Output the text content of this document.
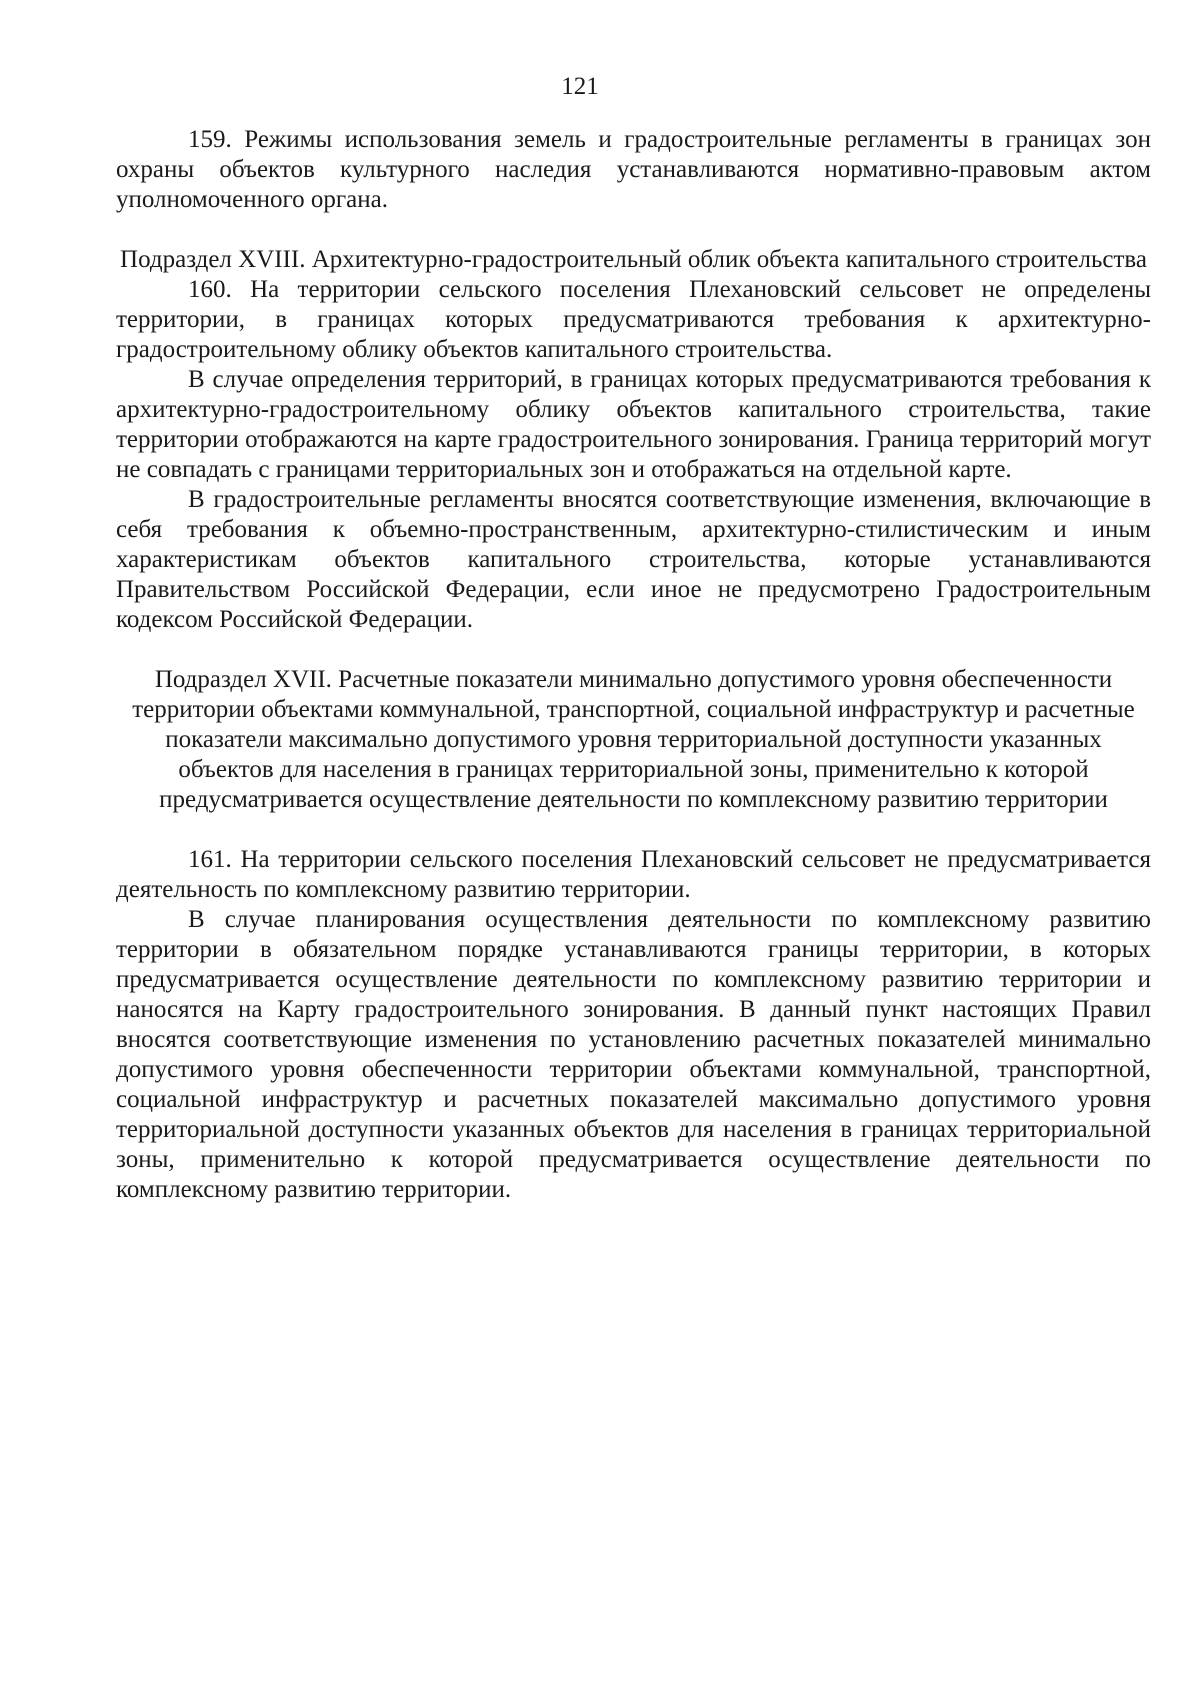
121

159. Режимы использования земель и градостроительные регламенты в границах зон охраны объектов культурного наследия устанавливаются нормативно-правовым актом уполномоченного органа.

Подраздел XVIII. Архитектурно-градостроительный облик объекта капитального строительства

160. На территории сельского поселения Плехановский сельсовет не определены территории, в границах которых предусматриваются требования к архитектурно-градостроительному облику объектов капитального строительства.

В случае определения территорий, в границах которых предусматриваются требования к архитектурно-градостроительному облику объектов капитального строительства, такие территории отображаются на карте градостроительного зонирования. Граница территорий могут не совпадать с границами территориальных зон и отображаться на отдельной карте.

В градостроительные регламенты вносятся соответствующие изменения, включающие в себя требования к объемно-пространственным, архитектурно-стилистическим и иным характеристикам объектов капитального строительства, которые устанавливаются Правительством Российской Федерации, если иное не предусмотрено Градостроительным кодексом Российской Федерации.

Подраздел XVII. Расчетные показатели минимально допустимого уровня обеспеченности территории объектами коммунальной, транспортной, социальной инфраструктур и расчетные показатели максимально допустимого уровня территориальной доступности указанных объектов для населения в границах территориальной зоны, применительно к которой предусматривается осуществление деятельности по комплексному развитию территории

161. На территории сельского поселения Плехановский сельсовет не предусматривается деятельность по комплексному развитию территории.

В случае планирования осуществления деятельности по комплексному развитию территории в обязательном порядке устанавливаются границы территории, в которых предусматривается осуществление деятельности по комплексному развитию территории и наносятся на Карту градостроительного зонирования. В данный пункт настоящих Правил вносятся соответствующие изменения по установлению расчетных показателей минимально допустимого уровня обеспеченности территории объектами коммунальной, транспортной, социальной инфраструктур и расчетных показателей максимально допустимого уровня территориальной доступности указанных объектов для населения в границах территориальной зоны, применительно к которой предусматривается осуществление деятельности по комплексному развитию территории.
